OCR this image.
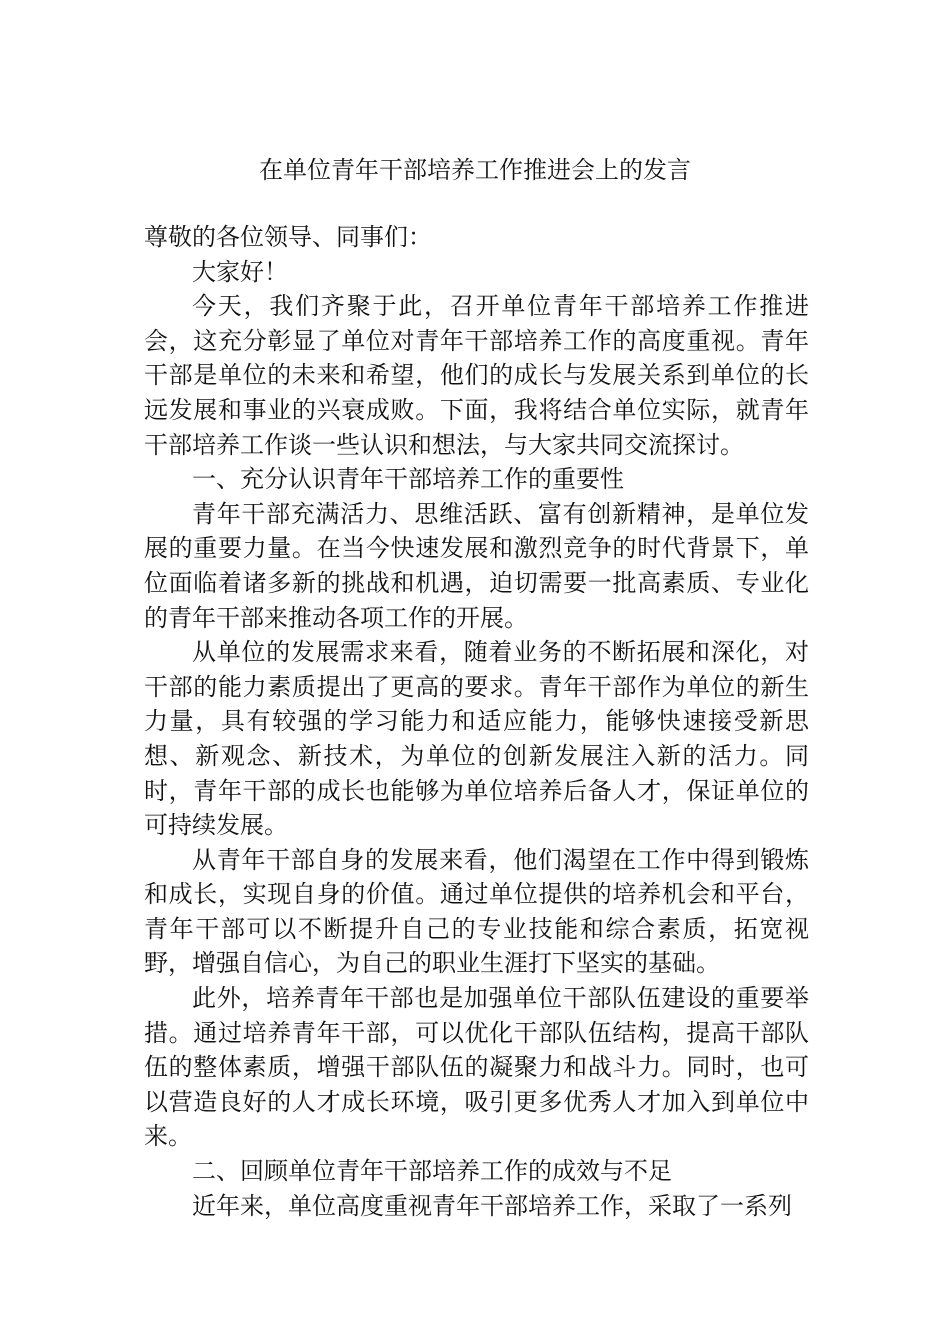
在单位青年干部培养工作推进会上的发言

尊敬的各位领导、同事们：

大家好！

今天，我们齐聚于此，召开单位青年干部培养工作推进会，这充分彰显了单位对青年干部培养工作的高度重视。青年干部是单位的未来和希望，他们的成长与发展关系到单位的长远发展和事业的兴衰成败。下面，我将结合单位实际，就青年干部培养工作谈一些认识和想法，与大家共同交流探讨。

一、充分认识青年干部培养工作的重要性

青年干部充满活力、思维活跃、富有创新精神，是单位发展的重要力量。在当今快速发展和激烈竞争的时代背景下，单位面临着诸多新的挑战和机遇，迫切需要一批高素质、专业化的青年干部来推动各项工作的开展。

从单位的发展需求来看，随着业务的不断拓展和深化，对干部的能力素质提出了更高的要求。青年干部作为单位的新生力量，具有较强的学习能力和适应能力，能够快速接受新思想、新观念、新技术，为单位的创新发展注入新的活力。同时，青年干部的成长也能够为单位培养后备人才，保证单位的可持续发展。

从青年干部自身的发展来看，他们渴望在工作中得到锻炼和成长，实现自身的价值。通过单位提供的培养机会和平台，青年干部可以不断提升自己的专业技能和综合素质，拓宽视野，增强自信心，为自己的职业生涯打下坚实的基础。

此外，培养青年干部也是加强单位干部队伍建设的重要举措。通过培养青年干部，可以优化干部队伍结构，提高干部队伍的整体素质，增强干部队伍的凝聚力和战斗力。同时，也可以营造良好的人才成长环境，吸引更多优秀人才加入到单位中来。

二、回顾单位青年干部培养工作的成效与不足

近年来，单位高度重视青年干部培养工作，采取了一系列
